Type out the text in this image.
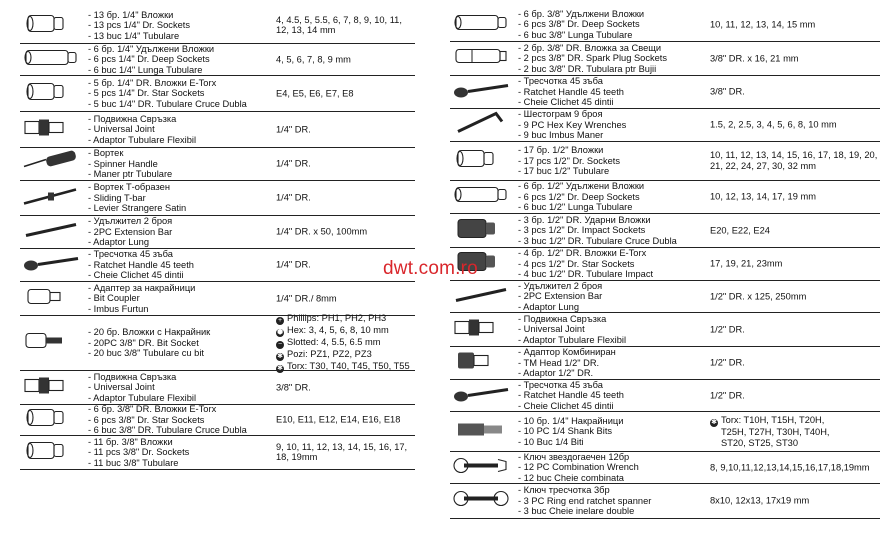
- 13 бр. 1/4" Вложки
- 13 pcs 1/4" Dr. Sockets
- 13 buc 1/4" Tubulare
4, 4.5, 5, 5.5, 6, 7, 8, 9, 10, 11, 12, 13, 14 mm
- 6 бр. 1/4" Удължени Вложки
- 6 pcs 1/4" Dr. Deep Sockets
- 6 buc 1/4" Lunga Tubulare
4, 5, 6, 7, 8, 9 mm
- 5 бр. 1/4" DR. Вложки E-Torx
- 5 pcs 1/4" Dr. Star Sockets
- 5 buc 1/4" DR. Tubulare Cruce Dubla
E4, E5, E6, E7, E8
- Подвижна Свръзка
- Universal Joint
- Adaptor Tubulare Flexibil
1/4" DR.
- Вортек
- Spinner Handle
- Maner ptr Tubulare
1/4" DR.
- Вортек Т-образен
- Sliding T-bar
- Levier Strangere Satin
1/4" DR.
- Удължител 2 броя
- 2PC Extension Bar
- Adaptor Lung
1/4" DR. x 50, 100mm
- Тресчотка 45 зъба
- Ratchet Handle 45 teeth
- Cheie Clichet 45 dintii
1/4" DR.
- Адаптер за накрайници
- Bit Coupler
- Imbus Furtun
1/4" DR./ 8mm
- 20 бр. Вложки с Накрайник
- 20PC 3/8" DR. Bit Socket
- 20 buc 3/8" Tubulare cu bit
+ Phillips: PH1, PH2, PH3
⬢ Hex: 3, 4, 5, 6, 8, 10 mm
− Slotted: 4, 5.5, 6.5 mm
✱ Pozi: PZ1, PZ2, PZ3
✱ Torx: T30, T40, T45, T50, T55
- Подвижна Свръзка
- Universal Joint
- Adaptor Tubulare Flexibil
3/8" DR.
- 6 бр. 3/8" DR. Вложки E-Torx
- 6 pcs 3/8" Dr. Star Sockets
- 6 buc 3/8" DR. Tubulare Cruce Dubla
E10, E11, E12, E14, E16, E18
- 11 бр. 3/8" Вложки
- 11 pcs 3/8" Dr. Sockets
- 11 buc 3/8" Tubulare
9, 10, 11, 12, 13, 14, 15, 16, 17, 18, 19mm
- 6 бр. 3/8" Удължени Вложки
- 6 pcs 3/8" Dr. Deep Sockets
- 6 buc 3/8" Lunga Tubulare
10, 11, 12, 13, 14, 15 mm
- 2 бр. 3/8" DR. Вложка за Свещи
- 2 pcs 3/8" DR. Spark Plug Sockets
- 2 buc 3/8" DR. Tubulara ptr Bujii
3/8" DR. x 16, 21 mm
- Тресчотка 45 зъба
- Ratchet Handle 45 teeth
- Cheie Clichet 45 dintii
3/8" DR.
- Шестограм 9 броя
- 9 PC Hex Key Wrenches
- 9 buc Imbus Maner
1.5, 2, 2.5, 3, 4, 5, 6, 8, 10 mm
- 17 бр. 1/2" Вложки
- 17 pcs 1/2" Dr. Sockets
- 17 buc 1/2" Tubulare
10, 11, 12, 13, 14, 15, 16, 17, 18, 19, 20, 21, 22, 24, 27, 30, 32 mm
- 6 бр. 1/2" Удължени Вложки
- 6 pcs 1/2" Dr. Deep Sockets
- 6 buc 1/2" Lunga Tubulare
10, 12, 13, 14, 17, 19 mm
- 3 бр. 1/2" DR. Ударни Вложки
- 3 pcs 1/2" Dr. Impact Sockets
- 3 buc 1/2" DR. Tubulare Cruce Dubla
E20, E22, E24
- 4 бр. 1/2" DR. Вложки E-Torx
- 4 pcs 1/2" Dr. Star Sockets
- 4 buc 1/2" DR. Tubulare Impact
17, 19, 21, 23mm
- Удължител 2 броя
- 2PC Extension Bar
- Adaptor Lung
1/2" DR. x 125, 250mm
- Подвижна Свръзка
- Universal Joint
- Adaptor Tubulare Flexibil
1/2" DR.
- Адаптор Комбиниран
- TM Head 1/2" DR.
- Adaptor 1/2" DR.
1/2" DR.
- Тресчотка 45 зъба
- Ratchet Handle 45 teeth
- Cheie Clichet 45 dintii
1/2" DR.
- 10 бр. 1/4" Накрайници
- 10 PC 1/4 Shank Bits
- 10 Buc 1/4 Biti
✱ Torx: T10H, T15H, T20H,
T25H, T27H, T30H, T40H,
ST20, ST25, ST30
- Ключ звездогаечен 12бр
- 12 PC Combination Wrench
- 12 buc Cheie combinata
8, 9,10,11,12,13,14,15,16,17,18,19mm
- Ключ тресчотка 3бр
- 3 PC Ring end ratchet spanner
- 3 buc Cheie inelare double
8x10, 12x13, 17x19 mm
dwt.com.ro
